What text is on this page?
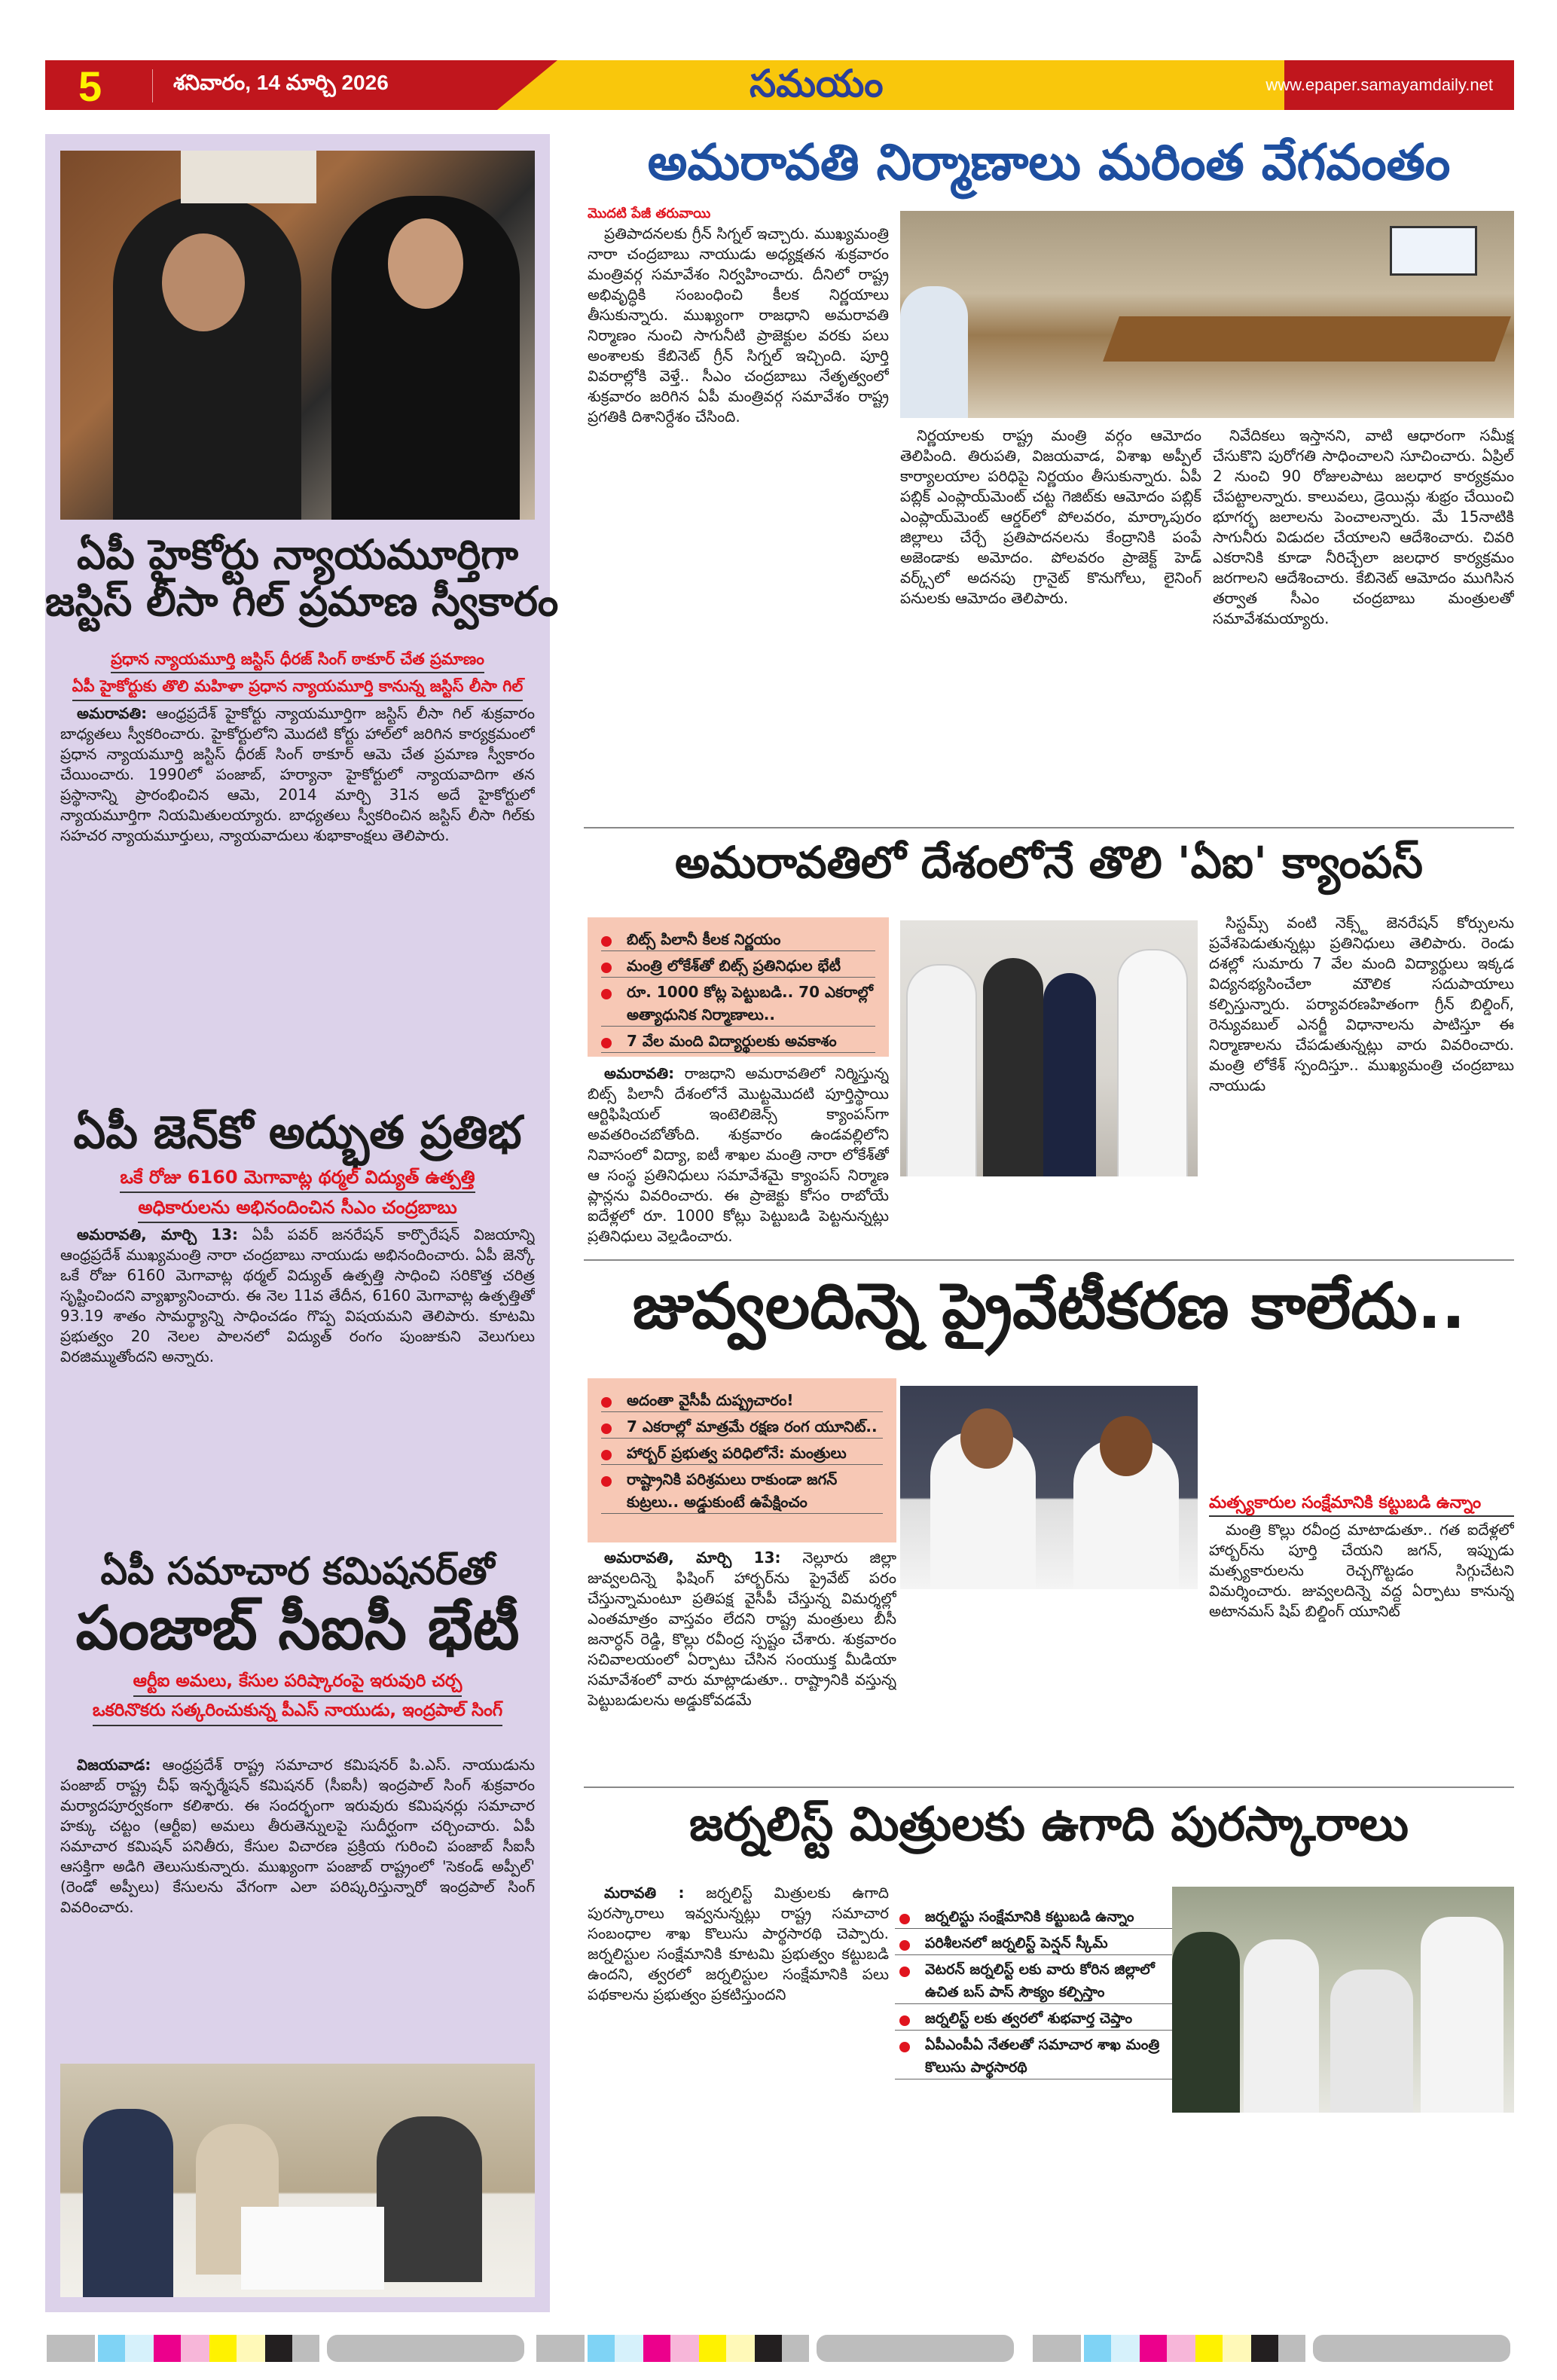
5	శనివారం, 14 మార్చి 2026	సమయం	www.epaper.samayamdaily.net
ఏపీ హైకోర్టు న్యాయమూర్తిగా
జస్టిస్ లీసా గిల్ ప్రమాణ స్వీకారం
ప్రధాన న్యాయమూర్తి జస్టిస్ ధీరజ్ సింగ్ ఠాకూర్ చేత ప్రమాణం
ఏపీ హైకోర్టుకు తొలి మహిళా ప్రధాన న్యాయమూర్తి కానున్న జస్టిస్ లీసా గిల్

అమరావతి: ఆంధ్రప్రదేశ్ హైకోర్టు న్యాయమూర్తిగా జస్టిస్ లీసా గిల్ శుక్రవారం బాధ్యతలు స్వీకరించారు. హైకోర్టులోని మొదటి కోర్టు హాల్‌లో జరిగిన కార్యక్రమంలో ప్రధాన న్యాయమూర్తి జస్టిస్ ధీరజ్ సింగ్ ఠాకూర్ ఆమె చేత ప్రమాణ స్వీకారం చేయించారు. 1990లో పంజాబ్, హర్యానా హైకోర్టులో న్యాయవాదిగా తన ప్రస్థానాన్ని ప్రారంభించిన ఆమె, 2014 మార్చి 31న అదే హైకోర్టులో న్యాయమూర్తిగా నియమితులయ్యారు. బాధ్యతలు స్వీకరించిన జస్టిస్ లీసా గిల్‌కు సహచర న్యాయమూర్తులు, న్యాయవాదులు శుభాకాంక్షలు తెలిపారు.

ఏపీ జెన్‌కో అద్భుత ప్రతిభ
ఒకే రోజు 6160 మెగావాట్ల థర్మల్ విద్యుత్ ఉత్పత్తి
అధికారులను అభినందించిన సీఎం చంద్రబాబు

అమరావతి, మార్చి 13: ఏపీ పవర్ జనరేషన్ కార్పొరేషన్ విజయాన్ని ఆంధ్రప్రదేశ్ ముఖ్యమంత్రి నారా చంద్రబాబు నాయుడు అభినందించారు. ఏపీ జెన్కో ఒకే రోజు 6160 మెగావాట్ల థర్మల్ విద్యుత్ ఉత్పత్తి సాధించి సరికొత్త చరిత్ర సృష్టించిందని వ్యాఖ్యానించారు. ఈ నెల 11వ తేదీన, 6160 మెగావాట్ల ఉత్పత్తితో 93.19 శాతం సామర్థ్యాన్ని సాధించడం గొప్ప విషయమని తెలిపారు. కూటమి ప్రభుత్వం 20 నెలల పాలనలో విద్యుత్ రంగం పుంజుకుని వెలుగులు విరజిమ్ముతోందని అన్నారు.

ఏపీ సమాచార కమిషనర్‌తో
పంజాబ్ సీఐసీ భేటీ
ఆర్టీఐ అమలు, కేసుల పరిష్కారంపై ఇరువురి చర్చ
ఒకరినొకరు సత్కరించుకున్న పీఎస్ నాయుడు, ఇంద్రపాల్ సింగ్

విజయవాడ: ఆంధ్రప్రదేశ్ రాష్ట్ర సమాచార కమిషనర్ పి.ఎస్. నాయుడును పంజాబ్ రాష్ట్ర చీఫ్ ఇన్ఫర్మేషన్ కమిషనర్ (సీఐసీ) ఇంద్రపాల్ సింగ్ శుక్రవారం మర్యాదపూర్వకంగా కలిశారు. ఈ సందర్భంగా ఇరువురు కమిషనర్లు సమాచార హక్కు చట్టం (ఆర్టీఐ) అమలు తీరుతెన్నులపై సుదీర్ఘంగా చర్చించారు. ఏపీ సమాచార కమిషన్ పనితీరు, కేసుల విచారణ ప్రక్రియ గురించి పంజాబ్ సీఐసీ ఆసక్తిగా అడిగి తెలుసుకున్నారు. ముఖ్యంగా పంజాబ్ రాష్ట్రంలో 'సెకండ్ అప్పీల్' (రెండో అప్పీలు) కేసులను వేగంగా ఎలా పరిష్కరిస్తున్నారో ఇంద్రపాల్ సింగ్ వివరించారు.

అమరావతి నిర్మాణాలు మరింత వేగవంతం
మొదటి పేజీ తరువాయి

ప్రతిపాదనలకు గ్రీన్ సిగ్నల్ ఇచ్చారు. ముఖ్యమంత్రి నారా చంద్రబాబు నాయుడు అధ్యక్షతన శుక్రవారం మంత్రివర్గ సమావేశం నిర్వహించారు. దీనిలో రాష్ట్ర అభివృద్ధికి సంబంధించి కీలక నిర్ణయాలు తీసుకున్నారు. ముఖ్యంగా రాజధాని అమరావతి నిర్మాణం నుంచి సాగునీటి ప్రాజెక్టుల వరకు పలు అంశాలకు కేబినెట్ గ్రీన్ సిగ్నల్ ఇచ్చింది. పూర్తి వివరాల్లోకి వెళ్తే.. సీఎం చంద్రబాబు నేతృత్వంలో శుక్రవారం జరిగిన ఏపీ మంత్రివర్గ సమావేశం రాష్ట్ర ప్రగతికి దిశానిర్దేశం చేసింది.

నిర్ణయాలకు రాష్ట్ర మంత్రి వర్గం ఆమోదం తెలిపింది. తిరుపతి, విజయవాడ, విశాఖ అప్పీల్ కార్యాలయాల పరిధిపై నిర్ణయం తీసుకున్నారు. ఏపీ పబ్లిక్ ఎంప్లాయ్‌మెంట్ చట్ట గెజిట్‌కు ఆమోదం పబ్లిక్ ఎంప్లాయ్‌మెంట్ ఆర్డర్‌లో పోలవరం, మార్కాపురం జిల్లాలు చేర్చే ప్రతిపాదనలను కేంద్రానికి పంపే అజెండాకు అమోదం. పోలవరం ప్రాజెక్ట్ హెడ్ వర్క్స్‌లో అదనపు గ్రానైట్ కొనుగోలు, లైనింగ్ పనులకు ఆమోదం తెలిపారు.

నివేదికలు ఇస్తానని, వాటి ఆధారంగా సమీక్ష చేసుకొని పురోగతి సాధించాలని సూచించారు. ఏప్రిల్ 2 నుంచి 90 రోజులపాటు జలధార కార్యక్రమం చేపట్టాలన్నారు. కాలువలు, డ్రెయిన్లు శుభ్రం చేయించి భూగర్భ జలాలను పెంచాలన్నారు. మే 15నాటికి సాగునీరు విడుదల చేయాలని ఆదేశించారు. చివరి ఎకరానికి కూడా నీరిచ్చేలా జలధార కార్యక్రమం జరగాలని ఆదేశించారు. కేబినెట్ ఆమోదం ముగిసిన తర్వాత సీఎం చంద్రబాబు మంత్రులతో సమావేశమయ్యారు.

అమరావతిలో దేశంలోనే తొలి 'ఏఐ' క్యాంపస్
బిట్స్ పిలానీ కీలక నిర్ణయం
మంత్రి లోకేశ్‌తో బిట్స్ ప్రతినిధుల భేటీ
రూ. 1000 కోట్ల పెట్టుబడి.. 70 ఎకరాల్లో అత్యాధునిక నిర్మాణాలు..
7 వేల మంది విద్యార్థులకు అవకాశం

అమరావతి: రాజధాని అమరావతిలో నిర్మిస్తున్న బిట్స్ పిలానీ దేశంలోనే మొట్టమొదటి పూర్తిస్థాయి ఆర్టిఫిషియల్ ఇంటెలిజెన్స్ క్యాంపస్‌గా అవతరించబోతోంది. శుక్రవారం ఉండవల్లిలోని నివాసంలో విద్యా, ఐటీ శాఖల మంత్రి నారా లోకేశ్‌తో ఆ సంస్థ ప్రతినిధులు సమావేశమై క్యాంపస్ నిర్మాణ ప్లాన్లను వివరించారు. ఈ ప్రాజెక్టు కోసం రాబోయే ఐదేళ్లలో రూ. 1000 కోట్లు పెట్టుబడి పెట్టనున్నట్లు ప్రతినిధులు వెల్లడించారు.

సిస్టమ్స్ వంటి నెక్స్ట్ జెనరేషన్ కోర్సులను ప్రవేశపెడుతున్నట్లు ప్రతినిధులు తెలిపారు. రెండు దశల్లో సుమారు 7 వేల మంది విద్యార్థులు ఇక్కడ విద్యనభ్యసించేలా మౌలిక సదుపాయాలు కల్పిస్తున్నారు. పర్యావరణహితంగా గ్రీన్ బిల్డింగ్, రెన్యువబుల్ ఎనర్జీ విధానాలను పాటిస్తూ ఈ నిర్మాణాలను చేపడుతున్నట్లు వారు వివరించారు. మంత్రి లోకేశ్ స్పందిస్తూ.. ముఖ్యమంత్రి చంద్రబాబు నాయుడు

జువ్వలదిన్నె ప్రైవేటీకరణ కాలేదు..
అదంతా వైసీపీ దుష్ప్రచారం!
7 ఎకరాల్లో మాత్రమే రక్షణ రంగ యూనిట్..
హార్బర్ ప్రభుత్వ పరిధిలోనే: మంత్రులు
రాష్ట్రానికి పరిశ్రమలు రాకుండా జగన్ కుట్రలు.. అడ్డుకుంటే ఉపేక్షించం

అమరావతి, మార్చి 13: నెల్లూరు జిల్లా జువ్వలదిన్నె ఫిషింగ్ హార్బర్‌ను ప్రైవేట్ పరం చేస్తున్నామంటూ ప్రతిపక్ష వైసీపీ చేస్తున్న విమర్శల్లో ఎంతమాత్రం వాస్తవం లేదని రాష్ట్ర మంత్రులు బీసీ జనార్ధన్ రెడ్డి, కొల్లు రవీంద్ర స్పష్టం చేశారు. శుక్రవారం సచివాలయంలో ఏర్పాటు చేసిన సంయుక్త మీడియా సమావేశంలో వారు మాట్లాడుతూ.. రాష్ట్రానికి వస్తున్న పెట్టుబడులను అడ్డుకోవడమే

మత్స్యకారుల సంక్షేమానికి కట్టుబడి ఉన్నాం

మంత్రి కొల్లు రవీంద్ర మాటాడుతూ.. గత ఐదేళ్లలో హార్బర్‌ను పూర్తి చేయని జగన్, ఇప్పుడు మత్స్యకారులను రెచ్చగొట్టడం సిగ్గుచేటని విమర్శించారు. జువ్వలదిన్నె వద్ద ఏర్పాటు కానున్న అటానమస్ షిప్ బిల్డింగ్ యూనిట్

జర్నలిస్ట్ మిత్రులకు ఉగాది పురస్కారాలు

మరావతి : జర్నలిస్ట్ మిత్రులకు ఉగాది పురస్కారాలు ఇవ్వనున్నట్లు రాష్ట్ర సమాచార సంబంధాల శాఖ కొలుసు పార్థసారథి చెప్పారు. జర్నలిస్టుల సంక్షేమానికి కూటమి ప్రభుత్వం కట్టుబడి ఉందని, త్వరలో జర్నలిస్టుల సంక్షేమానికి పలు పథకాలను ప్రభుత్వం ప్రకటిస్తుందని

జర్నలిస్టు సంక్షేమానికి కట్టుబడి ఉన్నాం
పరిశీలనలో జర్నలిస్ట్ పెన్షన్ స్కీమ్
వెటరన్ జర్నలిస్ట్ లకు వారు కోరిన జిల్లాలో ఉచిత బస్ పాస్ సౌక్యం కల్పిస్తాం
జర్నలిస్ట్ లకు త్వరలో శుభవార్త చెప్తాం
ఏపీఎంపీఏ నేతలతో సమాచార శాఖ మంత్రి కొలుసు పార్థసారథి
